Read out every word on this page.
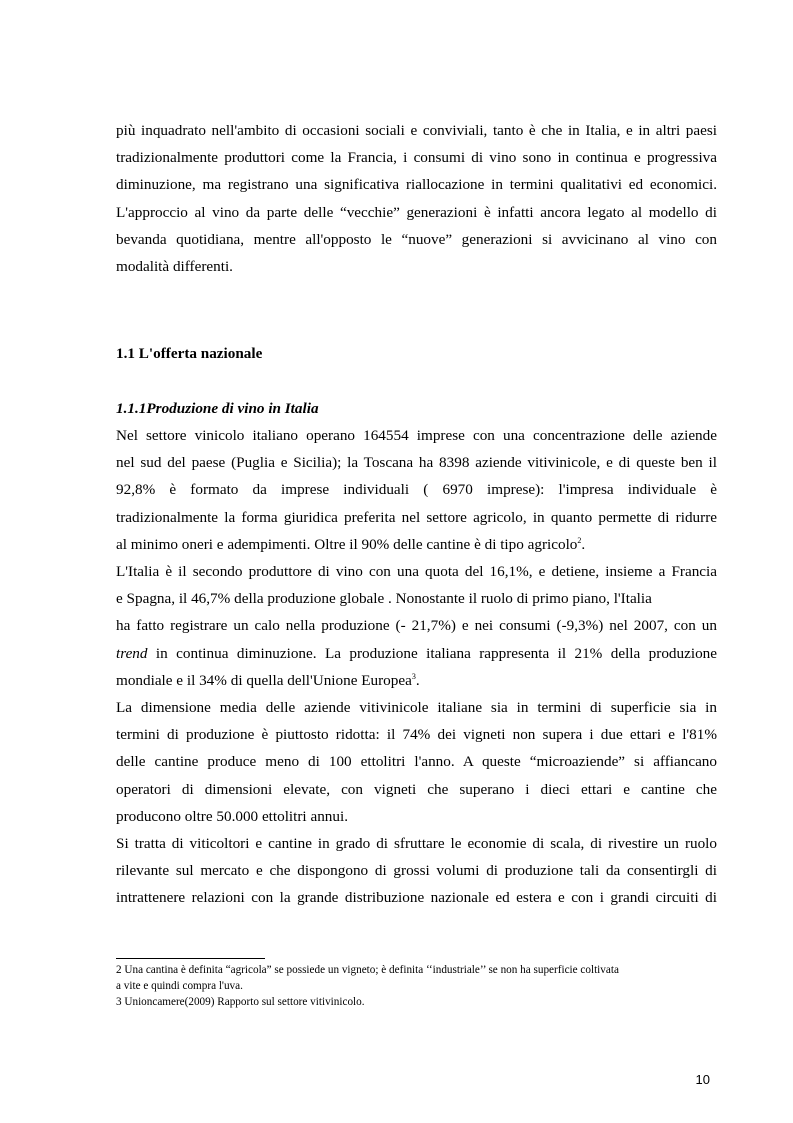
più inquadrato nell'ambito di occasioni sociali e conviviali, tanto è che in Italia, e in altri paesi
tradizionalmente produttori come la Francia, i consumi di vino sono in continua e progressiva
diminuzione, ma registrano una significativa riallocazione in termini qualitativi ed economici.
L'approccio al vino da parte delle “vecchie” generazioni è infatti ancora legato al modello di
bevanda quotidiana, mentre all'opposto le “nuove” generazioni si avvicinano al vino con
modalità differenti.
1.1 L'offerta nazionale
1.1.1Produzione di vino in Italia
Nel settore vinicolo italiano operano 164554 imprese con una concentrazione delle aziende
nel sud del paese (Puglia e Sicilia); la Toscana ha 8398 aziende vitivinicole, e di queste ben il
92,8% è formato da imprese individuali ( 6970 imprese): l'impresa individuale è
tradizionalmente la forma giuridica preferita nel settore agricolo, in quanto permette di ridurre
al minimo oneri e adempimenti. Oltre il 90% delle cantine è di tipo agricolo$^2$.
L'Italia è il secondo produttore di vino con una quota del 16,1%, e detiene, insieme a Francia
e Spagna, il 46,7% della produzione globale . Nonostante il ruolo di primo piano, l'Italia
ha fatto registrare un calo nella produzione (- 21,7%) e nei consumi (-9,3%) nel 2007, con un
trend in continua diminuzione. La produzione italiana rappresenta il 21% della produzione
mondiale e il 34% di quella dell'Unione Europea$^3$.
La dimensione media delle aziende vitivinicole italiane sia in termini di superficie sia in
termini di produzione è piuttosto ridotta: il 74% dei vigneti non supera i due ettari e l'81%
delle cantine produce meno di 100 ettolitri l'anno. A queste “microaziende” si affiancano
operatori di dimensioni elevate, con vigneti che superano i dieci ettari e cantine che
producono oltre 50.000 ettolitri annui.
Si tratta di viticoltori e cantine in grado di sfruttare le economie di scala, di rivestire un ruolo
rilevante sul mercato e che dispongono di grossi volumi di produzione tali da consentirgli di
intrattenere relazioni con la grande distribuzione nazionale ed estera e con i grandi circuiti di
2 Una cantina è definita “agricola” se possiede un vigneto; è definita ‘‘industriale’’ se non ha superficie coltivata
a vite e quindi compra l'uva.
3 Unioncamere(2009) Rapporto sul settore vitivinicolo.
10
